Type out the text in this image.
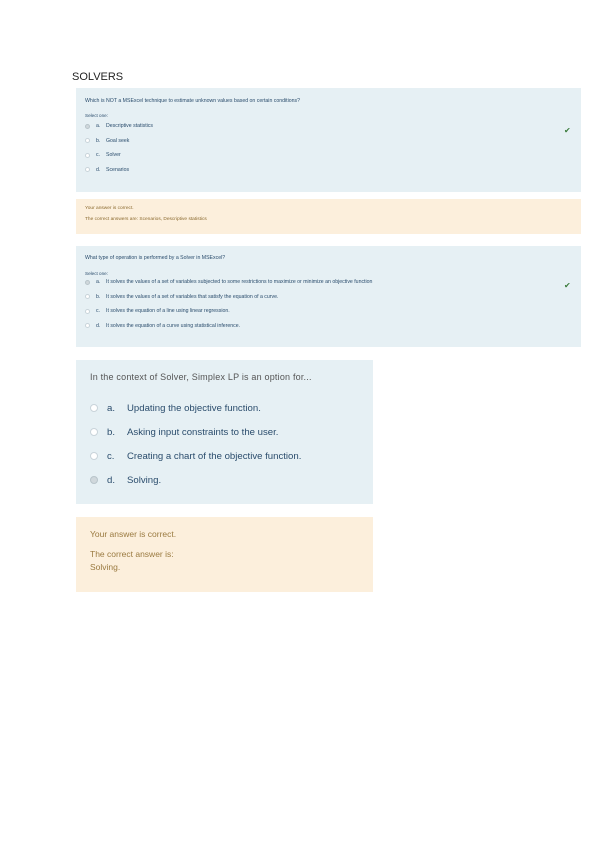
SOLVERS
Which is NOT a MSExcel technique to estimate unknown values based on certain conditions?
Select one:
a.	Descriptive statistics
b.	Goal seek
c.	Solver
d.	Scenarios
✔
Your answer is correct.
The correct answers are: Scenarios, Descriptive statistics
What type of operation is performed by a Solver in MSExcel?
Select one:
a.	It solves the values of a set of variables subjected to some restrictions to maximize or minimize an objective function
b.	It solves the values of a set of variables that satisfy the equation of a curve.
c.	It solves the equation of a line using linear regression.
d.	It solves the equation of a curve using statistical inference.
✔
In the context of Solver, Simplex LP is an option for...
a.	Updating the objective function.
b.	Asking input constraints to the user.
c.	Creating a chart of the objective function.
d.	Solving.
Your answer is correct.
The correct answer is:
Solving.
